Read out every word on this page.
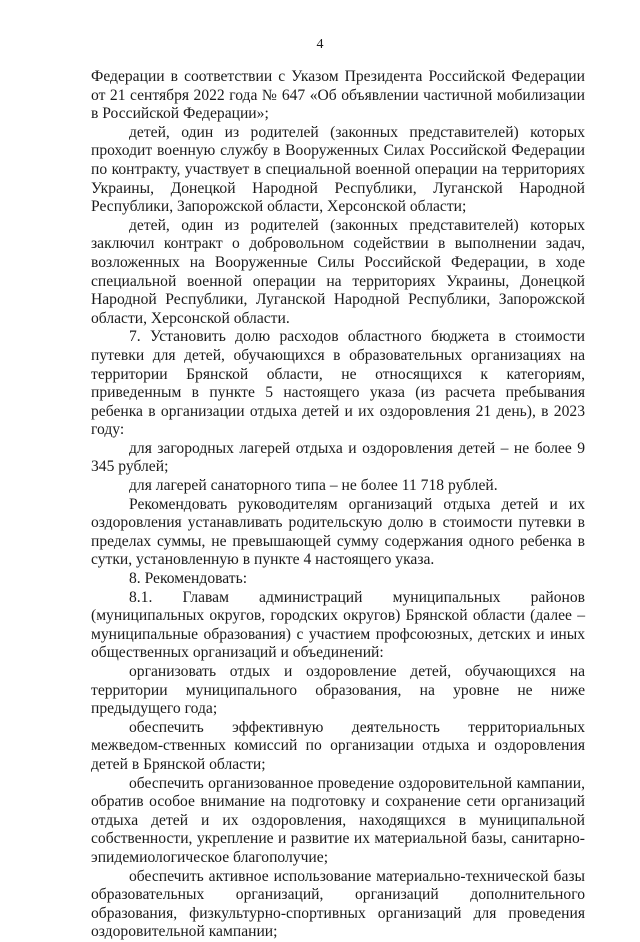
4

Федерации в соответствии с Указом Президента Российской Федерации от 21 сентября 2022 года № 647 «Об объявлении частичной мобилизации в Российской Федерации»;

детей, один из родителей (законных представителей) которых проходит военную службу в Вооруженных Силах Российской Федерации по контракту, участвует в специальной военной операции на территориях Украины, Донецкой Народной Республики, Луганской Народной Республики, Запорожской области, Херсонской области;

детей, один из родителей (законных представителей) которых заключил контракт о добровольном содействии в выполнении задач, возложенных на Вооруженные Силы Российской Федерации, в ходе специальной военной операции на территориях Украины, Донецкой Народной Республики, Луганской Народной Республики, Запорожской области, Херсонской области.

7. Установить долю расходов областного бюджета в стоимости путевки для детей, обучающихся в образовательных организациях на территории Брянской области, не относящихся к категориям, приведенным в пункте 5 настоящего указа (из расчета пребывания ребенка в организации отдыха детей и их оздоровления 21 день), в 2023 году:

для загородных лагерей отдыха и оздоровления детей – не более 9 345 рублей;

для лагерей санаторного типа – не более 11 718 рублей.

Рекомендовать руководителям организаций отдыха детей и их оздоровления устанавливать родительскую долю в стоимости путевки в пределах суммы, не превышающей сумму содержания одного ребенка в сутки, установленную в пункте 4 настоящего указа.

8. Рекомендовать:

8.1. Главам администраций муниципальных районов (муниципальных округов, городских округов) Брянской области (далее – муниципальные образования) с участием профсоюзных, детских и иных общественных организаций и объединений:

организовать отдых и оздоровление детей, обучающихся на территории муниципального образования, на уровне не ниже предыдущего года;

обеспечить эффективную деятельность территориальных межведом-ственных комиссий по организации отдыха и оздоровления детей в Брянской области;

обеспечить организованное проведение оздоровительной кампании, обратив особое внимание на подготовку и сохранение сети организаций отдыха детей и их оздоровления, находящихся в муниципальной собственности, укрепление и развитие их материальной базы, санитарно-эпидемиологическое благополучие;

обеспечить активное использование материально-технической базы образовательных организаций, организаций дополнительного образования, физкультурно-спортивных организаций для проведения оздоровительной кампании;
